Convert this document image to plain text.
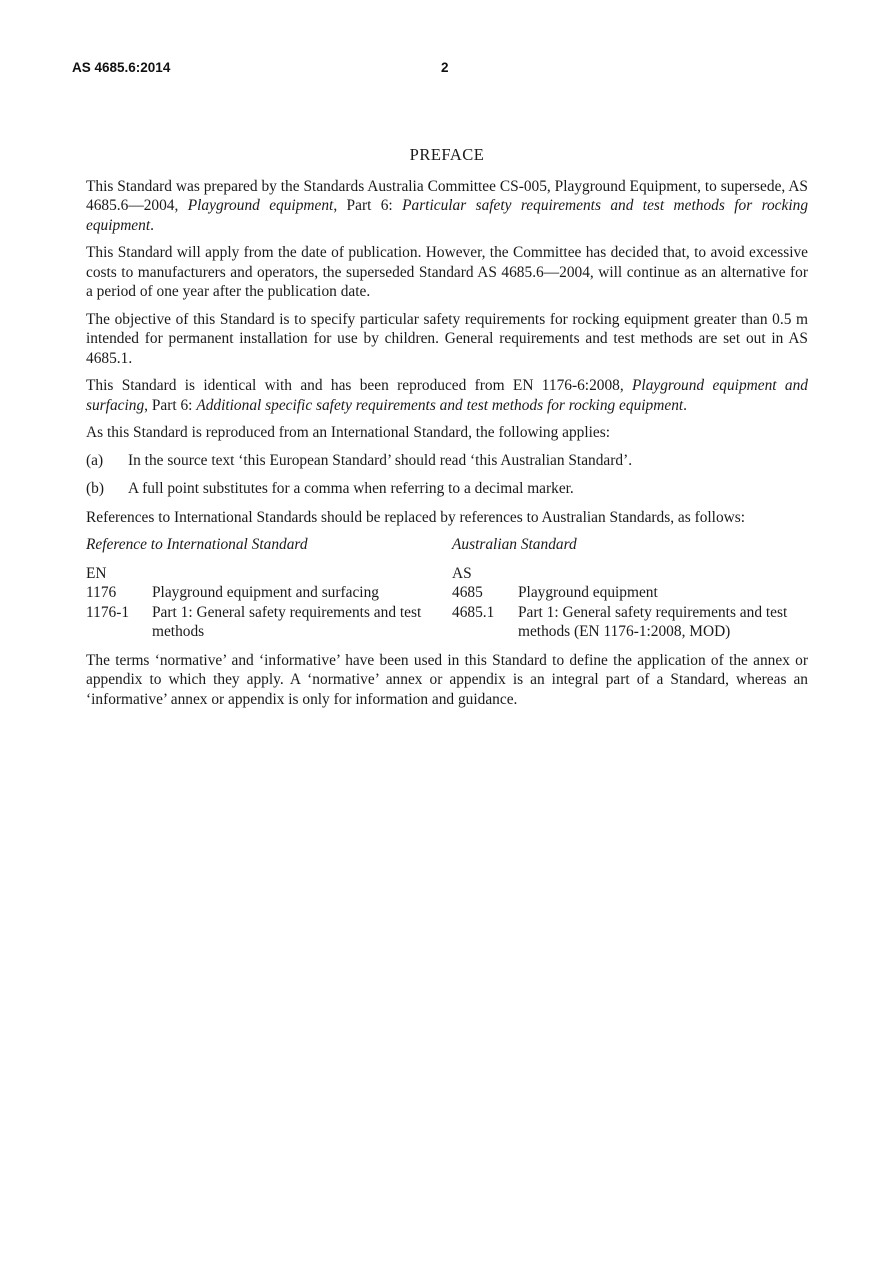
AS 4685.6:2014	2
PREFACE

This Standard was prepared by the Standards Australia Committee CS-005, Playground Equipment, to supersede, AS 4685.6—2004, Playground equipment, Part 6: Particular safety requirements and test methods for rocking equipment.

This Standard will apply from the date of publication. However, the Committee has decided that, to avoid excessive costs to manufacturers and operators, the superseded Standard AS 4685.6—2004, will continue as an alternative for a period of one year after the publication date.

The objective of this Standard is to specify particular safety requirements for rocking equipment greater than 0.5 m intended for permanent installation for use by children. General requirements and test methods are set out in AS 4685.1.

This Standard is identical with and has been reproduced from EN 1176-6:2008, Playground equipment and surfacing, Part 6: Additional specific safety requirements and test methods for rocking equipment.

As this Standard is reproduced from an International Standard, the following applies:

(a)	In the source text ‘this European Standard’ should read ‘this Australian Standard’.
(b)	A full point substitutes for a comma when referring to a decimal marker.

References to International Standards should be replaced by references to Australian Standards, as follows:

Reference to International Standard		Australian Standard	
EN		AS	
1176	Playground equipment and surfacing	4685	Playground equipment
1176-1	Part 1: General safety requirements and test methods	4685.1	Part 1: General safety requirements and test methods (EN 1176-1:2008, MOD)

The terms ‘normative’ and ‘informative’ have been used in this Standard to define the application of the annex or appendix to which they apply. A ‘normative’ annex or appendix is an integral part of a Standard, whereas an ‘informative’ annex or appendix is only for information and guidance.
